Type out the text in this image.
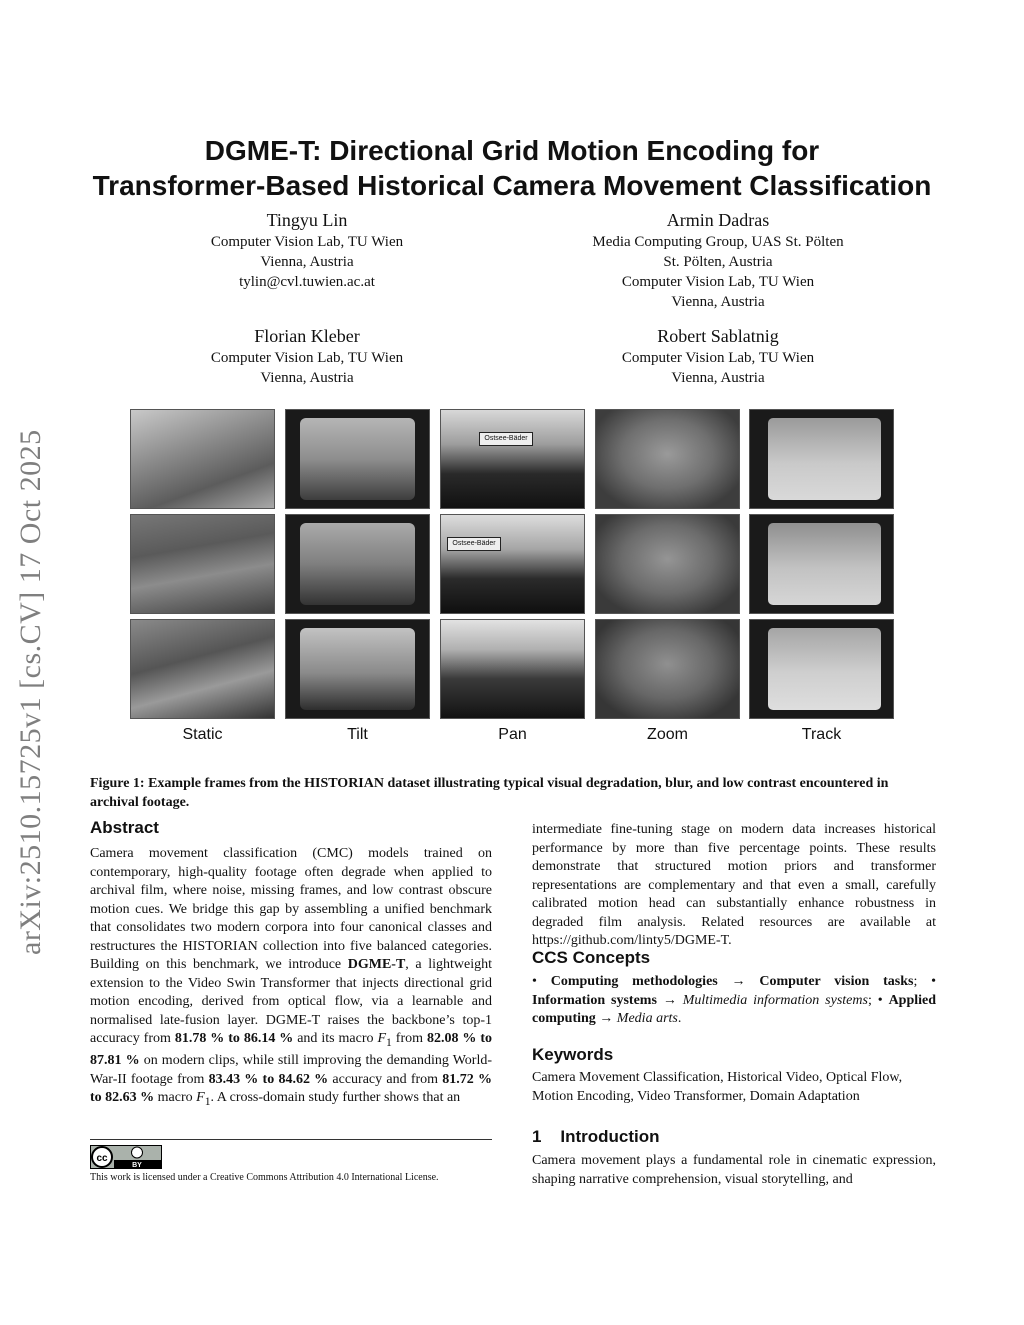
arXiv:2510.15725v1 [cs.CV] 17 Oct 2025
DGME-T: Directional Grid Motion Encoding for
Transformer-Based Historical Camera Movement Classification
Tingyu Lin
Computer Vision Lab, TU Wien
Vienna, Austria
tylin@cvl.tuwien.ac.at
Armin Dadras
Media Computing Group, UAS St. Pölten
St. Pölten, Austria
Computer Vision Lab, TU Wien
Vienna, Austria
Florian Kleber
Computer Vision Lab, TU Wien
Vienna, Austria
Robert Sablatnig
Computer Vision Lab, TU Wien
Vienna, Austria
Ostsee-Bäder
Ostsee-Bäder
Static	Tilt	Pan	Zoom	Track
Figure 1: Example frames from the HISTORIAN dataset illustrating typical visual degradation, blur, and low contrast encountered in archival footage.
Abstract
Camera movement classification (CMC) models trained on contemporary, high-quality footage often degrade when applied to archival film, where noise, missing frames, and low contrast obscure motion cues. We bridge this gap by assembling a unified benchmark that consolidates two modern corpora into four canonical classes and restructures the HISTORIAN collection into five balanced categories. Building on this benchmark, we introduce DGME-T, a lightweight extension to the Video Swin Transformer that injects directional grid motion encoding, derived from optical flow, via a learnable and normalised late-fusion layer. DGME-T raises the backbone’s top-1 accuracy from 81.78 % to 86.14 % and its macro $F_1$ from 82.08 % to 87.81 % on modern clips, while still improving the demanding World-War-II footage from 83.43 % to 84.62 % accuracy and from 81.72 % to 82.63 % macro $F_1$. A cross-domain study further shows that an
cc
BY
This work is licensed under a Creative Commons Attribution 4.0 International License.
intermediate fine-tuning stage on modern data increases historical performance by more than five percentage points. These results demonstrate that structured motion priors and transformer representations are complementary and that even a small, carefully calibrated motion head can substantially enhance robustness in degraded film analysis. Related resources are available at https://github.com/linty5/DGME-T.
CCS Concepts
• Computing methodologies → Computer vision tasks; • Information systems → Multimedia information systems; • Applied computing → Media arts.
Keywords
Camera Movement Classification, Historical Video, Optical Flow, Motion Encoding, Video Transformer, Domain Adaptation
1 Introduction
Camera movement plays a fundamental role in cinematic expression, shaping narrative comprehension, visual storytelling, and
